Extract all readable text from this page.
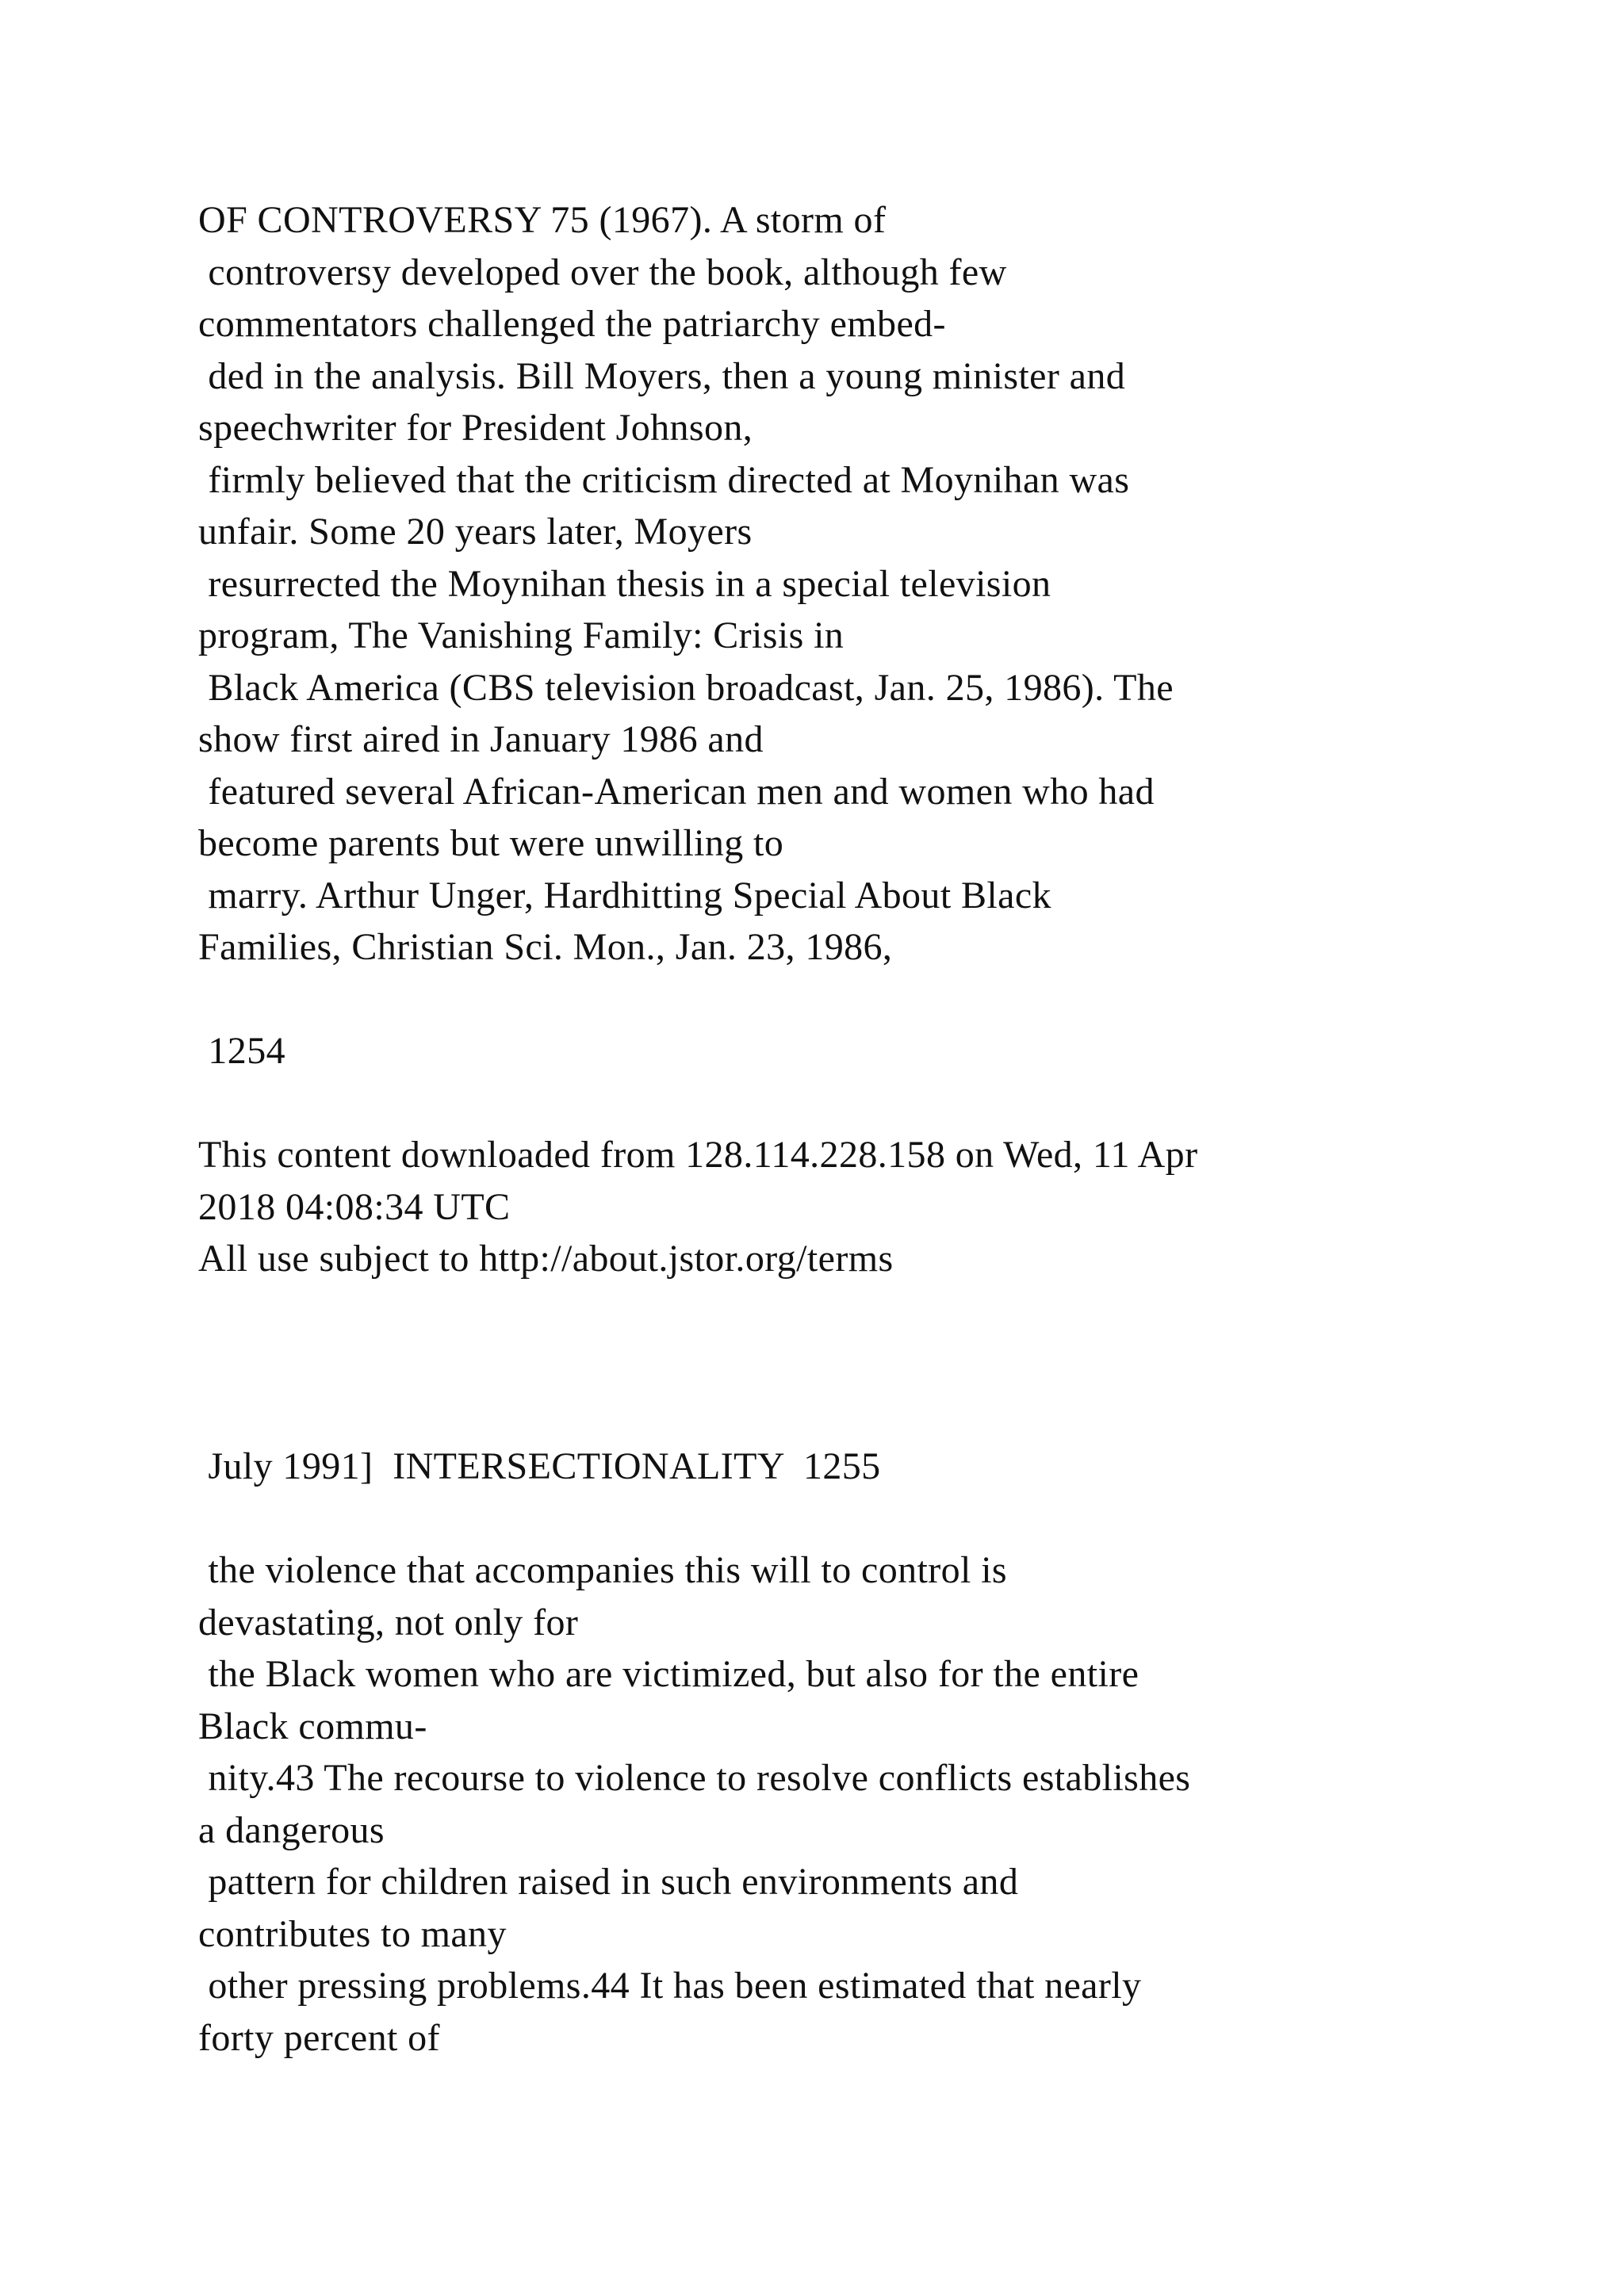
OF CONTROVERSY 75 (1967). A storm of
controversy developed over the book, although few
commentators challenged the patriarchy embed-
ded in the analysis. Bill Moyers, then a young minister and
speechwriter for President Johnson,
firmly believed that the criticism directed at Moynihan was
unfair. Some 20 years later, Moyers
resurrected the Moynihan thesis in a special television
program, The Vanishing Family: Crisis in
Black America (CBS television broadcast, Jan. 25, 1986). The
show first aired in January 1986 and
featured several African-American men and women who had
become parents but were unwilling to
marry. Arthur Unger, Hardhitting Special About Black
Families, Christian Sci. Mon., Jan. 23, 1986,
1254
This content downloaded from 128.114.228.158 on Wed, 11 Apr
2018 04:08:34 UTC
All use subject to http://about.jstor.org/terms
July 1991]  INTERSECTIONALITY  1255
the violence that accompanies this will to control is
devastating, not only for
the Black women who are victimized, but also for the entire
Black commu-
nity.43 The recourse to violence to resolve conflicts establishes
a dangerous
pattern for children raised in such environments and
contributes to many
other pressing problems.44 It has been estimated that nearly
forty percent of
